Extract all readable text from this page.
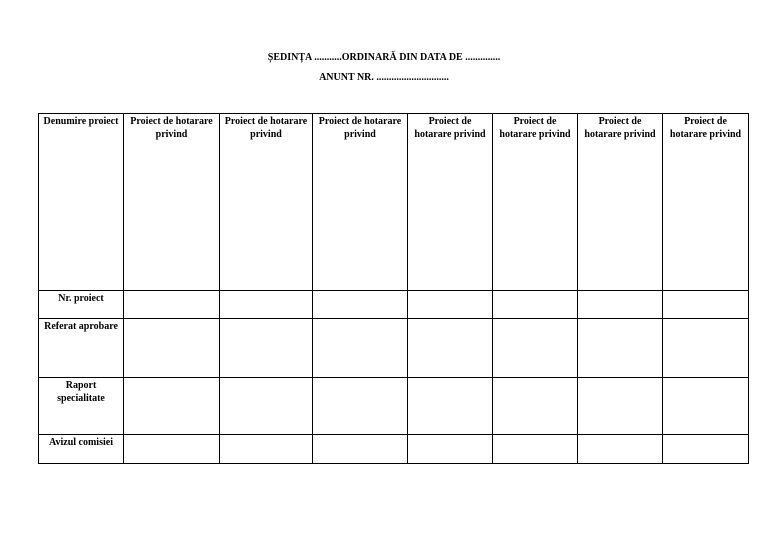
ȘEDINȚA ...........ORDINARĂ DIN DATA DE ..............
ANUNT NR. .............................
Denumire proiect	Proiect de hotarare privind	Proiect de hotarare privind	Proiect de hotarare privind	Proiect de hotarare privind	Proiect de hotarare privind	Proiect de hotarare privind	Proiect de hotarare privind
Nr. proiect							
Referat aprobare							
Raport specialitate							
Avizul comisiei							
